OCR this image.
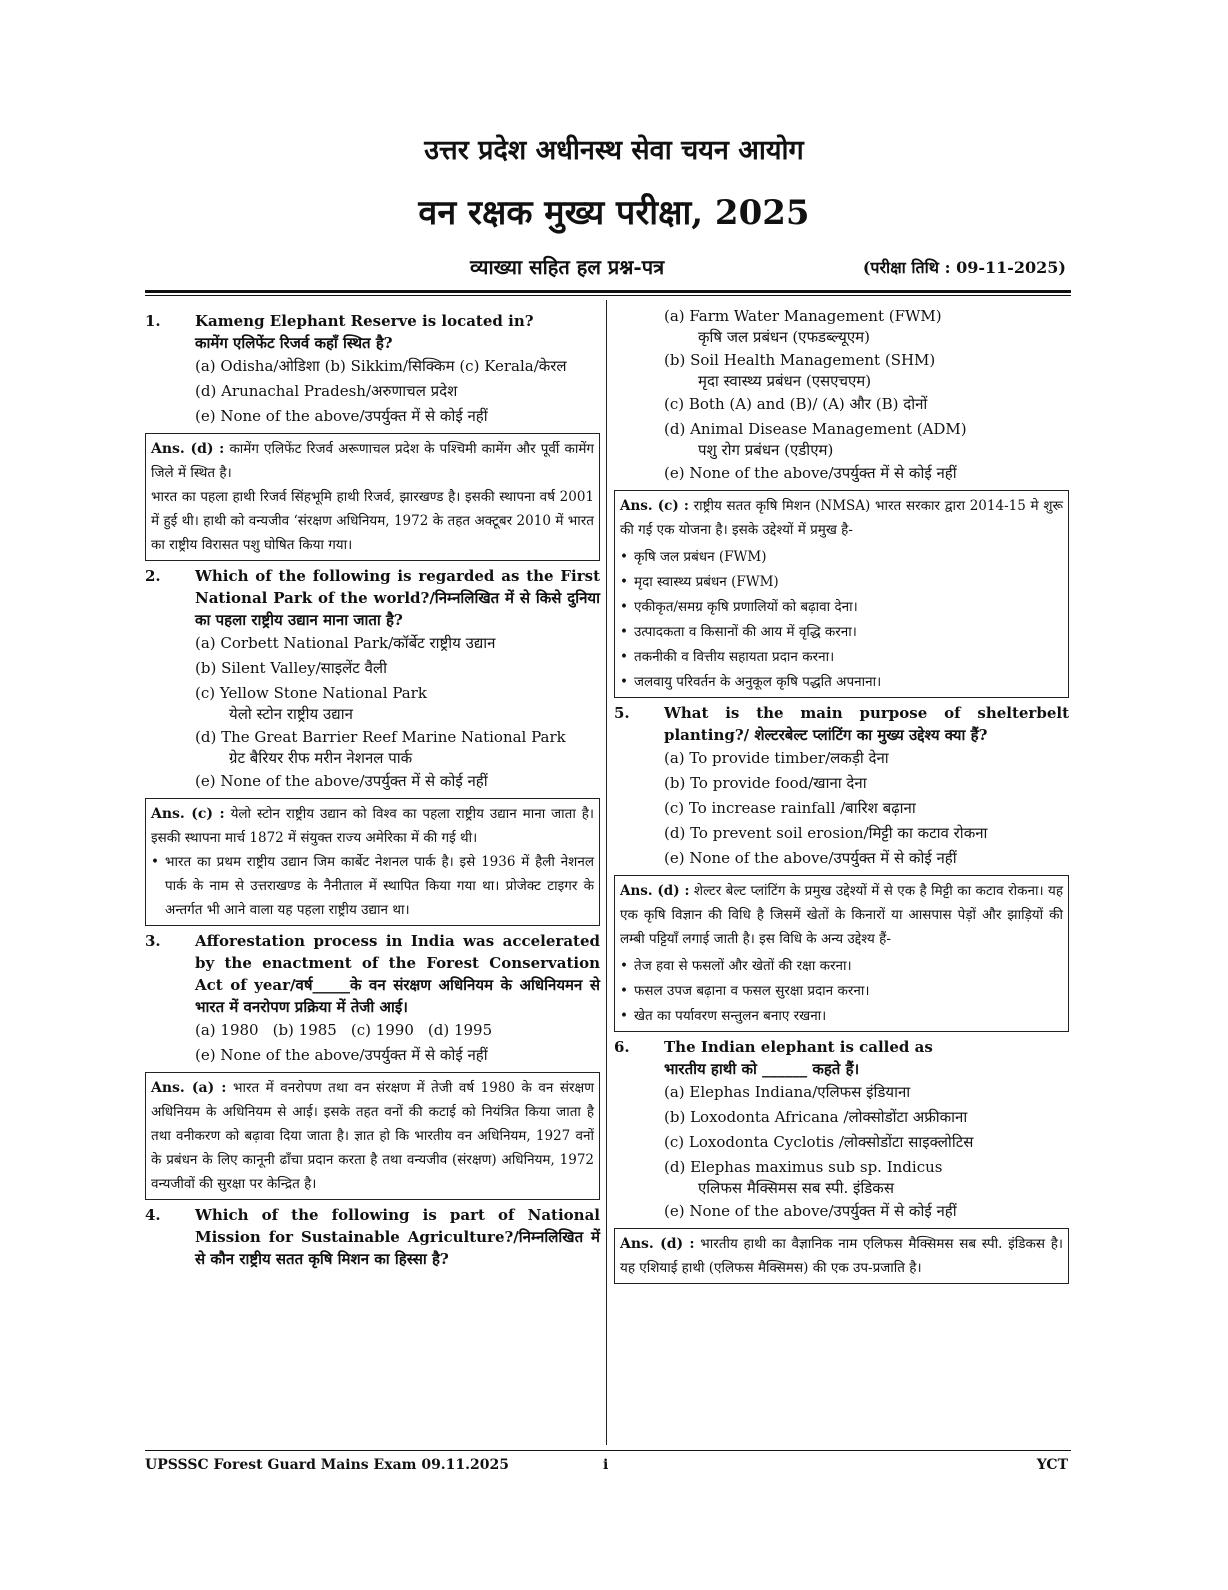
उत्तर प्रदेश अधीनस्थ सेवा चयन आयोग
वन रक्षक मुख्य परीक्षा, 2025
व्याख्या सहित हल प्रश्न-पत्र	(परीक्षा तिथि : 09-11-2025)
1.	Kameng Elephant Reserve is located in?
कामेंग एलिफेंट रिजर्व कहाँ स्थित है?
(a) Odisha/ओडिशा (b) Sikkim/सिक्किम (c) Kerala/केरल
(d) Arunachal Pradesh/अरुणाचल प्रदेश
(e) None of the above/उपर्युक्त में से कोई नहीं

Ans. (d) : कामेंग एलिफेंट रिजर्व अरूणाचल प्रदेश के पश्चिमी कामेंग और पूर्वी कामेंग जिले में स्थित है।

भारत का पहला हाथी रिजर्व सिंहभूमि हाथी रिजर्व, झारखण्ड है। इसकी स्थापना वर्ष 2001 में हुई थी। हाथी को वन्यजीव ‘संरक्षण अधिनियम, 1972 के तहत अक्टूबर 2010 में भारत का राष्ट्रीय विरासत पशु घोषित किया गया।

2.	Which of the following is regarded as the First National Park of the world?/निम्नलिखित में से किसे दुनिया का पहला राष्ट्रीय उद्यान माना जाता है?
(a) Corbett National Park/कॉर्बेट राष्ट्रीय उद्यान
(b) Silent Valley/साइलेंट वैली
(c) Yellow Stone National Park
येलो स्टोन राष्ट्रीय उद्यान
(d) The Great Barrier Reef Marine National Park
ग्रेट बैरियर रीफ मरीन नेशनल पार्क
(e) None of the above/उपर्युक्त में से कोई नहीं

Ans. (c) : येलो स्टोन राष्ट्रीय उद्यान को विश्व का पहला राष्ट्रीय उद्यान माना जाता है। इसकी स्थापना मार्च 1872 में संयुक्त राज्य अमेरिका में की गई थी।

• भारत का प्रथम राष्ट्रीय उद्यान जिम कार्बेट नेशनल पार्क है। इसे 1936 में हैली नेशनल पार्क के नाम से उत्तराखण्ड के नैनीताल में स्थापित किया गया था। प्रोजेक्ट टाइगर के अन्तर्गत भी आने वाला यह पहला राष्ट्रीय उद्यान था।
3.	Afforestation process in India was accelerated by the enactment of the Forest Conservation Act of year/वर्ष_____के वन संरक्षण अधिनियम के अधिनियमन से भारत में वनरोपण प्रक्रिया में तेजी आई।
(a) 1980 (b) 1985 (c) 1990 (d) 1995
(e) None of the above/उपर्युक्त में से कोई नहीं

Ans. (a) : भारत में वनरोपण तथा वन संरक्षण में तेजी वर्ष 1980 के वन संरक्षण अधिनियम के अधिनियम से आई। इसके तहत वनों की कटाई को नियंत्रित किया जाता है तथा वनीकरण को बढ़ावा दिया जाता है। ज्ञात हो कि भारतीय वन अधिनियम, 1927 वनों के प्रबंधन के लिए कानूनी ढाँचा प्रदान करता है तथा वन्यजीव (संरक्षण) अधिनियम, 1972 वन्यजीवों की सुरक्षा पर केन्द्रित है।

4.	Which of the following is part of National Mission for Sustainable Agriculture?/निम्नलिखित में से कौन राष्ट्रीय सतत कृषि मिशन का हिस्सा है?
(a) Farm Water Management (FWM)
कृषि जल प्रबंधन (एफडब्ल्यूएम)
(b) Soil Health Management (SHM)
मृदा स्वास्थ्य प्रबंधन (एसएचएम)
(c) Both (A) and (B)/ (A) और (B) दोनों
(d) Animal Disease Management (ADM)
पशु रोग प्रबंधन (एडीएम)
(e) None of the above/उपर्युक्त में से कोई नहीं

Ans. (c) : राष्ट्रीय सतत कृषि मिशन (NMSA) भारत सरकार द्वारा 2014-15 मे शुरू की गई एक योजना है। इसके उद्देश्यों में प्रमुख है-

• कृषि जल प्रबंधन (FWM)
• मृदा स्वास्थ्य प्रबंधन (FWM)
• एकीकृत/समग्र कृषि प्रणालियों को बढ़ावा देना।
• उत्पादकता व किसानों की आय में वृद्धि करना।
• तकनीकी व वित्तीय सहायता प्रदान करना।
• जलवायु परिवर्तन के अनुकूल कृषि पद्धति अपनाना।
5.	What is the main purpose of shelterbelt planting?/ शेल्टरबेल्ट प्लांटिंग का मुख्य उद्देश्य क्या हैं?
(a) To provide timber/लकड़ी देना
(b) To provide food/खाना देना
(c) To increase rainfall /बारिश बढ़ाना
(d) To prevent soil erosion/मिट्टी का कटाव रोकना
(e) None of the above/उपर्युक्त में से कोई नहीं

Ans. (d) : शेल्टर बेल्ट प्लांटिंग के प्रमुख उद्देश्यों में से एक है मिट्टी का कटाव रोकना। यह एक कृषि विज्ञान की विधि है जिसमें खेतों के किनारों या आसपास पेड़ों और झाड़ियों की लम्बी पट्टियाँ लगाई जाती है। इस विधि के अन्य उद्देश्य हैं-

• तेज हवा से फसलों और खेतों की रक्षा करना।
• फसल उपज बढ़ाना व फसल सुरक्षा प्रदान करना।
• खेत का पर्यावरण सन्तुलन बनाए रखना।
6.	The Indian elephant is called as
भारतीय हाथी को ______ कहते हैं।
(a) Elephas Indiana/एलिफस इंडियाना
(b) Loxodonta Africana /लोक्सोडोंटा अफ्रीकाना
(c) Loxodonta Cyclotis /लोक्सोडोंटा साइक्लोटिस
(d) Elephas maximus sub sp. Indicus
एलिफस मैक्सिमस सब स्पी. इंडिकस
(e) None of the above/उपर्युक्त में से कोई नहीं

Ans. (d) : भारतीय हाथी का वैज्ञानिक नाम एलिफस मैक्सिमस सब स्पी. इंडिकस है। यह एशियाई हाथी (एलिफस मैक्सिमस) की एक उप-प्रजाति है।

UPSSSC Forest Guard Mains Exam 09.11.2025	i	YCT
